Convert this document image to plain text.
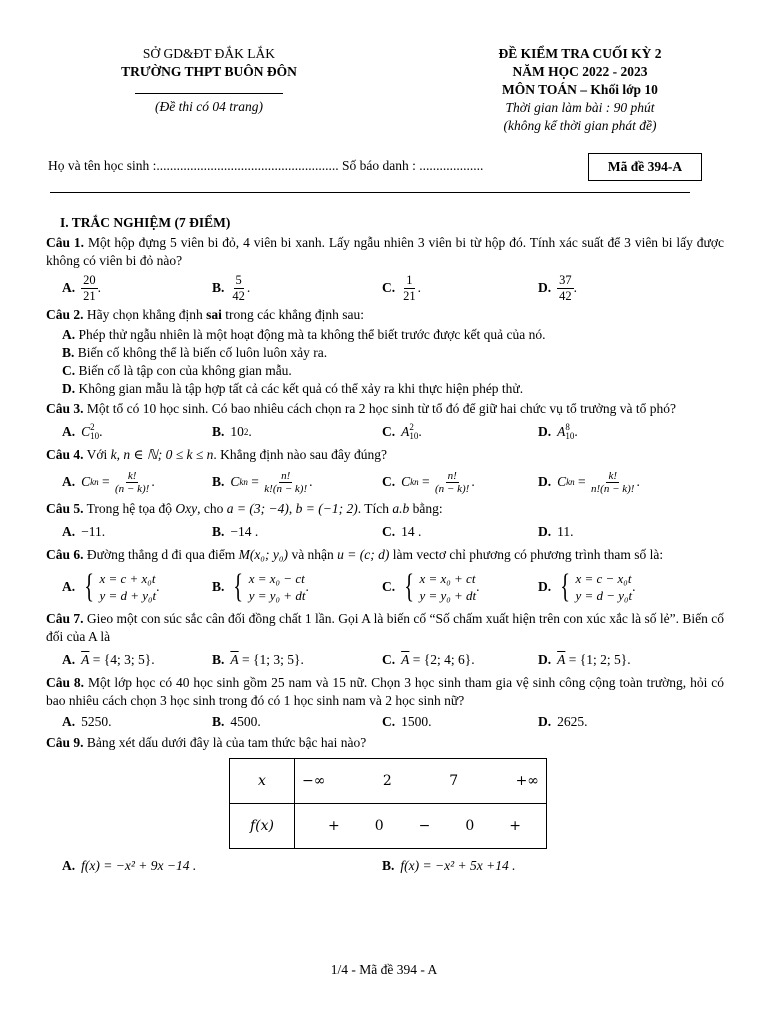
SỞ GD&ĐT ĐẮK LẮK
TRƯỜNG THPT BUÔN ĐÔN
(Đề thi có 04 trang)
ĐỀ KIỂM TRA CUỐI KỲ 2
NĂM HỌC 2022 - 2023
MÔN TOÁN – Khối lớp 10
Thời gian làm bài : 90 phút
(không kể thời gian phát đề)
Họ và tên học sinh :...................................................... Số báo danh : ...................	Mã đề 394-A
I. TRẮC NGHIỆM (7 ĐIỂM)
Câu 1. Một hộp đựng 5 viên bi đỏ, 4 viên bi xanh. Lấy ngẫu nhiên 3 viên bi từ hộp đó. Tính xác suất để 3 viên bi lấy được không có viên bi đỏ nào?
A. $\frac{20}{21}$ .	B. $\frac{5}{42}$ .	C. $\frac{1}{21}$ .	D. $\frac{37}{42}$ .
Câu 2. Hãy chọn khẳng định sai trong các khẳng định sau:
A. Phép thử ngẫu nhiên là một hoạt động mà ta không thể biết trước được kết quả của nó.
B. Biến cố không thể là biến cố luôn luôn xảy ra.
C. Biến cố là tập con của không gian mẫu.
D. Không gian mẫu là tập hợp tất cả các kết quả có thể xảy ra khi thực hiện phép thử.
Câu 3. Một tổ có 10 học sinh. Có bao nhiêu cách chọn ra 2 học sinh từ tổ đó để giữ hai chức vụ tổ trưởng và tổ phó?
A. C 2
10 .	B. 10 2 .	C. A 2
10 .	D. A 8
10 .
Câu 4. Với k, n ∈ ℕ; 0 ≤ k ≤ n. Khẳng định nào sau đây đúng?
A. C k $n = \frac{k!}{(n - k)!}$ .	B. C k $n = \frac{n!}{k!(n - k)!}$ .	C. C k $n = \frac{n!}{(n - k)!}$ .	D. C k $n = \frac{k!}{n!(n - k)!}$ .
Câu 5. Trong hệ tọa độ Oxy, cho a = (3; −4), b = (−1; 2). Tích a.b bằng:
A. −11.	B. −14 .	C. 14 .	D. 11.
Câu 6. Đường thẳng d đi qua điểm M(x₀; y₀) và nhận u = (c; d) làm vectơ chỉ phương có phương trình tham số là:
A. { x = c + x₀t
y = d + y₀t
.	B. { x = x₀ − ct
y = y₀ + dt
.	C. { x = x₀ + ct
y = y₀ + dt
.	D. { x = c − x₀t
y = d − y₀t
.
Câu 7. Gieo một con súc sắc cân đối đồng chất 1 lần. Gọi A là biến cố “Số chấm xuất hiện trên con xúc xắc là số lẻ”. Biến cố đối của A là
A. $\overline{A}$
= {4; 3; 5} .	B. $\overline{A}$
= {1; 3; 5} .	C. $\overline{A}$
= {2; 4; 6} .	D. $\overline{A}$
= {1; 2; 5} .
Câu 8. Một lớp học có 40 học sinh gồm 25 nam và 15 nữ. Chọn 3 học sinh tham gia vệ sinh công cộng toàn trường, hỏi có bao nhiêu cách chọn 3 học sinh trong đó có 1 học sinh nam và 2 học sinh nữ?
A. 5250.	B. 4500.	C. 1500.	D. 2625.
Câu 9. Bảng xét dấu dưới đây là của tam thức bậc hai nào?
x	−∞ 2 7 +∞

f(x)	+ 0 − 0 +
A. f(x) = −x² + 9x −14 .	B. f(x) = −x² + 5x +14 .
1/4 - Mã đề 394 - A
